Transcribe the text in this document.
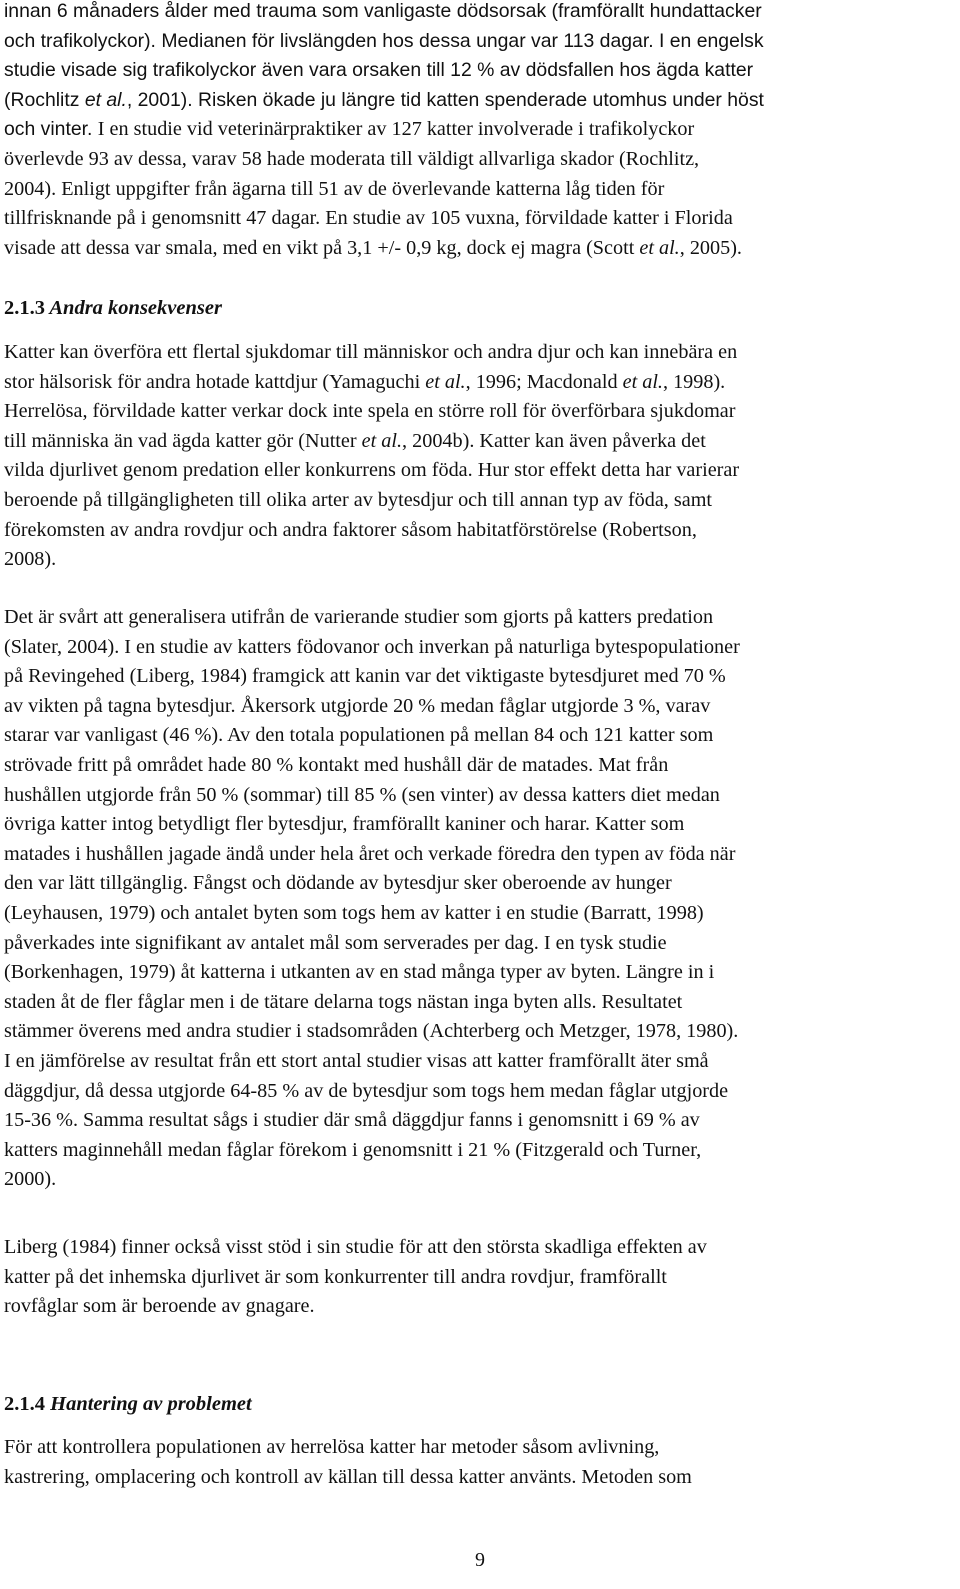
innan 6 månaders ålder med trauma som vanligaste dödsorsak (framförallt hundattacker
och trafikolyckor). Medianen för livslängden hos dessa ungar var 113 dagar. I en engelsk
studie visade sig trafikolyckor även vara orsaken till 12 % av dödsfallen hos ägda katter
(Rochlitz et al., 2001). Risken ökade ju längre tid katten spenderade utomhus under höst
och vinter. I en studie vid veterinärpraktiker av 127 katter involverade i trafikolyckor
överlevde 93 av dessa, varav 58 hade moderata till väldigt allvarliga skador (Rochlitz,
2004). Enligt uppgifter från ägarna till 51 av de överlevande katterna låg tiden för
tillfrisknande på i genomsnitt 47 dagar. En studie av 105 vuxna, förvildade katter i Florida
visade att dessa var smala, med en vikt på 3,1 +/- 0,9 kg, dock ej magra (Scott et al., 2005).
2.1.3 Andra konsekvenser
Katter kan överföra ett flertal sjukdomar till människor och andra djur och kan innebära en
stor hälsorisk för andra hotade kattdjur (Yamaguchi et al., 1996; Macdonald et al., 1998).
Herrelösa, förvildade katter verkar dock inte spela en större roll för överförbara sjukdomar
till människa än vad ägda katter gör (Nutter et al., 2004b). Katter kan även påverka det
vilda djurlivet genom predation eller konkurrens om föda. Hur stor effekt detta har varierar
beroende på tillgängligheten till olika arter av bytesdjur och till annan typ av föda, samt
förekomsten av andra rovdjur och andra faktorer såsom habitatförstörelse (Robertson,
2008).
Det är svårt att generalisera utifrån de varierande studier som gjorts på katters predation
(Slater, 2004). I en studie av katters födovanor och inverkan på naturliga bytespopulationer
på Revingehed (Liberg, 1984) framgick att kanin var det viktigaste bytesdjuret med 70 %
av vikten på tagna bytesdjur. Åkersork utgjorde 20 % medan fåglar utgjorde 3 %, varav
starar var vanligast (46 %). Av den totala populationen på mellan 84 och 121 katter som
strövade fritt på området hade 80 % kontakt med hushåll där de matades. Mat från
hushållen utgjorde från 50 % (sommar) till 85 % (sen vinter) av dessa katters diet medan
övriga katter intog betydligt fler bytesdjur, framförallt kaniner och harar. Katter som
matades i hushållen jagade ändå under hela året och verkade föredra den typen av föda när
den var lätt tillgänglig. Fångst och dödande av bytesdjur sker oberoende av hunger
(Leyhausen, 1979) och antalet byten som togs hem av katter i en studie (Barratt, 1998)
påverkades inte signifikant av antalet mål som serverades per dag. I en tysk studie
(Borkenhagen, 1979) åt katterna i utkanten av en stad många typer av byten. Längre in i
staden åt de fler fåglar men i de tätare delarna togs nästan inga byten alls. Resultatet
stämmer överens med andra studier i stadsområden (Achterberg och Metzger, 1978, 1980).
I en jämförelse av resultat från ett stort antal studier visas att katter framförallt äter små
däggdjur, då dessa utgjorde 64-85 % av de bytesdjur som togs hem medan fåglar utgjorde
15-36 %. Samma resultat sågs i studier där små däggdjur fanns i genomsnitt i 69 % av
katters maginnehåll medan fåglar förekom i genomsnitt i 21 % (Fitzgerald och Turner,
2000).
Liberg (1984) finner också visst stöd i sin studie för att den största skadliga effekten av
katter på det inhemska djurlivet är som konkurrenter till andra rovdjur, framförallt
rovfåglar som är beroende av gnagare.
2.1.4 Hantering av problemet
För att kontrollera populationen av herrelösa katter har metoder såsom avlivning,
kastrering, omplacering och kontroll av källan till dessa katter använts. Metoden som
9
